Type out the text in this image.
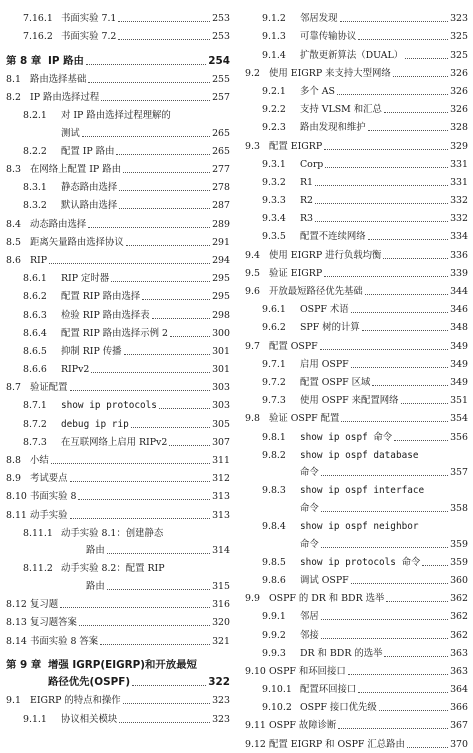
7.16.1 书面实验 7.1	253
7.16.2 书面实验 7.2	253
第 8 章 IP 路由	254
8.1 路由选择基础	255
8.2 IP 路由选择过程	257
8.2.1 对 IP 路由选择过程理解的
测试	265
8.2.2 配置 IP 路由	265
8.3 在网络上配置 IP 路由	277
8.3.1 静态路由选择	278
8.3.2 默认路由选择	287
8.4 动态路由选择	289
8.5 距离矢量路由选择协议	291
8.6 RIP	294
8.6.1 RIP 定时器	295
8.6.2 配置 RIP 路由选择	295
8.6.3 检验 RIP 路由选择表	298
8.6.4 配置 RIP 路由选择示例 2	300
8.6.5 抑制 RIP 传播	301
8.6.6 RIPv2	301
8.7 验证配置	303
8.7.1 show ip protocols	303
8.7.2 debug ip rip	305
8.7.3 在互联网络上启用 RIPv2	307
8.8 小结	311
8.9 考试要点	312
8.10 书面实验 8	313
8.11 动手实验	313
8.11.1 动手实验 8.1：创建静态
路由	314
8.11.2 动手实验 8.2：配置 RIP
路由	315
8.12 复习题	316
8.13 复习题答案	320
8.14 书面实验 8 答案	321
第 9 章 增强 IGRP(EIGRP)和开放最短
路径优先(OSPF)	322
9.1 EIGRP 的特点和操作	323
9.1.1 协议相关模块	323
9.1.2 邻居发现	323
9.1.3 可靠传输协议	325
9.1.4 扩散更新算法（DUAL）	325
9.2 使用 EIGRP 来支持大型网络	326
9.2.1 多个 AS	326
9.2.2 支持 VLSM 和汇总	326
9.2.3 路由发现和维护	328
9.3 配置 EIGRP	329
9.3.1 Corp	331
9.3.2 R1	331
9.3.3 R2	332
9.3.4 R3	332
9.3.5 配置不连续网络	334
9.4 使用 EIGRP 进行负载均衡	336
9.5 验证 EIGRP	339
9.6 开放最短路径优先基础	344
9.6.1 OSPF 术语	346
9.6.2 SPF 树的计算	348
9.7 配置 OSPF	349
9.7.1 启用 OSPF	349
9.7.2 配置 OSPF 区域	349
9.7.3 使用 OSPF 来配置网络	351
9.8 验证 OSPF 配置	354
9.8.1 show ip ospf 命令	356
9.8.2 show ip ospf database
命令	357
9.8.3 show ip ospf interface
命令	358
9.8.4 show ip ospf neighbor
命令	359
9.8.5 show ip protocols 命令	359
9.8.6 调试 OSPF	360
9.9 OSPF 的 DR 和 BDR 选举	362
9.9.1 邻居	362
9.9.2 邻接	362
9.9.3 DR 和 BDR 的选举	363
9.10 OSPF 和环回接口	363
9.10.1 配置环回接口	364
9.10.2 OSPF 接口优先级	366
9.11 OSPF 故障诊断	367
9.12 配置 EIGRP 和 OSPF 汇总路由	370
